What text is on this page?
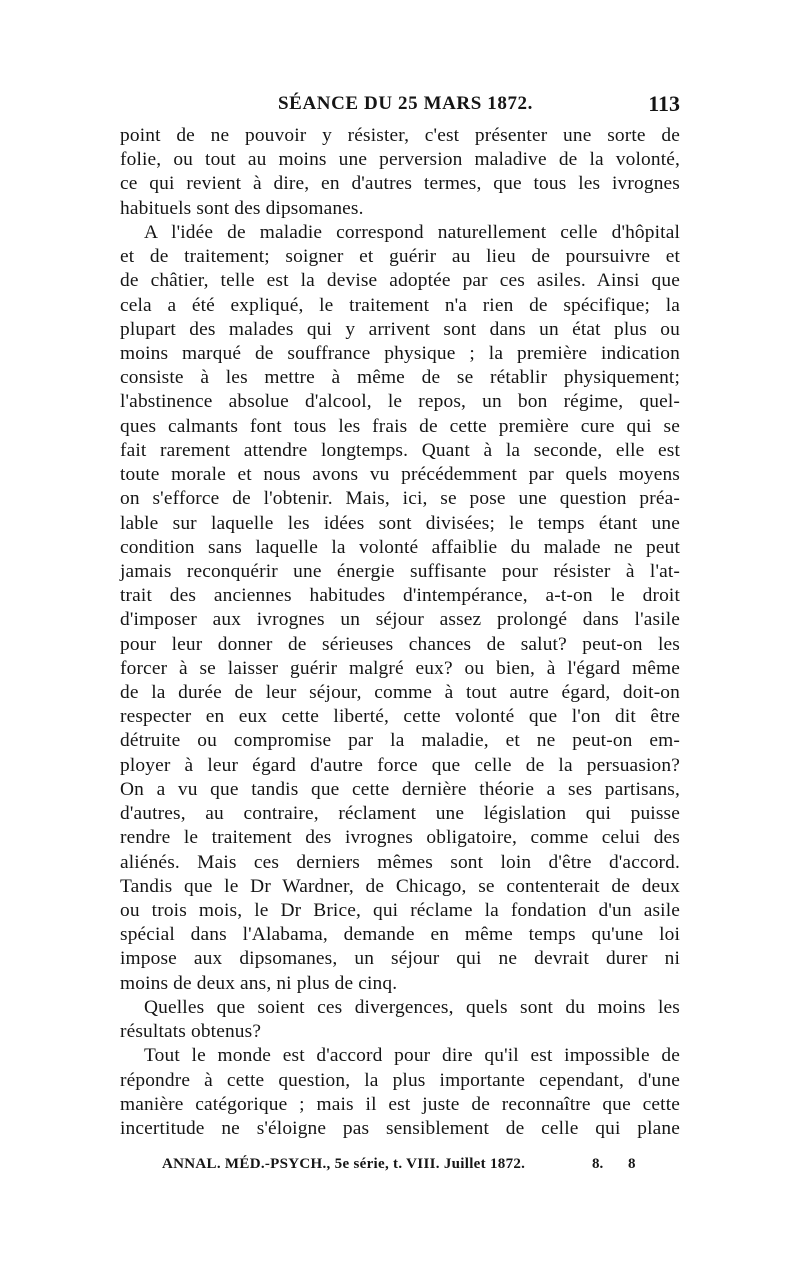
SÉANCE DU 25 MARS 1872.	113
point de ne pouvoir y résister, c'est présenter une sorte de
folie, ou tout au moins une perversion maladive de la volonté,
ce qui revient à dire, en d'autres termes, que tous les ivrognes
habituels sont des dipsomanes.
A l'idée de maladie correspond naturellement celle d'hôpital
et de traitement; soigner et guérir au lieu de poursuivre et
de châtier, telle est la devise adoptée par ces asiles. Ainsi que
cela a été expliqué, le traitement n'a rien de spécifique; la
plupart des malades qui y arrivent sont dans un état plus ou
moins marqué de souffrance physique ; la première indication
consiste à les mettre à même de se rétablir physiquement;
l'abstinence absolue d'alcool, le repos, un bon régime, quel-
ques calmants font tous les frais de cette première cure qui se
fait rarement attendre longtemps. Quant à la seconde, elle est
toute morale et nous avons vu précédemment par quels moyens
on s'efforce de l'obtenir. Mais, ici, se pose une question préa-
lable sur laquelle les idées sont divisées; le temps étant une
condition sans laquelle la volonté affaiblie du malade ne peut
jamais reconquérir une énergie suffisante pour résister à l'at-
trait des anciennes habitudes d'intempérance, a-t-on le droit
d'imposer aux ivrognes un séjour assez prolongé dans l'asile
pour leur donner de sérieuses chances de salut? peut-on les
forcer à se laisser guérir malgré eux? ou bien, à l'égard même
de la durée de leur séjour, comme à tout autre égard, doit-on
respecter en eux cette liberté, cette volonté que l'on dit être
détruite ou compromise par la maladie, et ne peut-on em-
ployer à leur égard d'autre force que celle de la persuasion?
On a vu que tandis que cette dernière théorie a ses partisans,
d'autres, au contraire, réclament une législation qui puisse
rendre le traitement des ivrognes obligatoire, comme celui des
aliénés. Mais ces derniers mêmes sont loin d'être d'accord.
Tandis que le Dr Wardner, de Chicago, se contenterait de deux
ou trois mois, le Dr Brice, qui réclame la fondation d'un asile
spécial dans l'Alabama, demande en même temps qu'une loi
impose aux dipsomanes, un séjour qui ne devrait durer ni
moins de deux ans, ni plus de cinq.
Quelles que soient ces divergences, quels sont du moins les
résultats obtenus?
Tout le monde est d'accord pour dire qu'il est impossible de
répondre à cette question, la plus importante cependant, d'une
manière catégorique ; mais il est juste de reconnaître que cette
incertitude ne s'éloigne pas sensiblement de celle qui plane
ANNAL. MÉD.-PSYCH., 5e série, t. VIII. Juillet 1872.	8. 8
